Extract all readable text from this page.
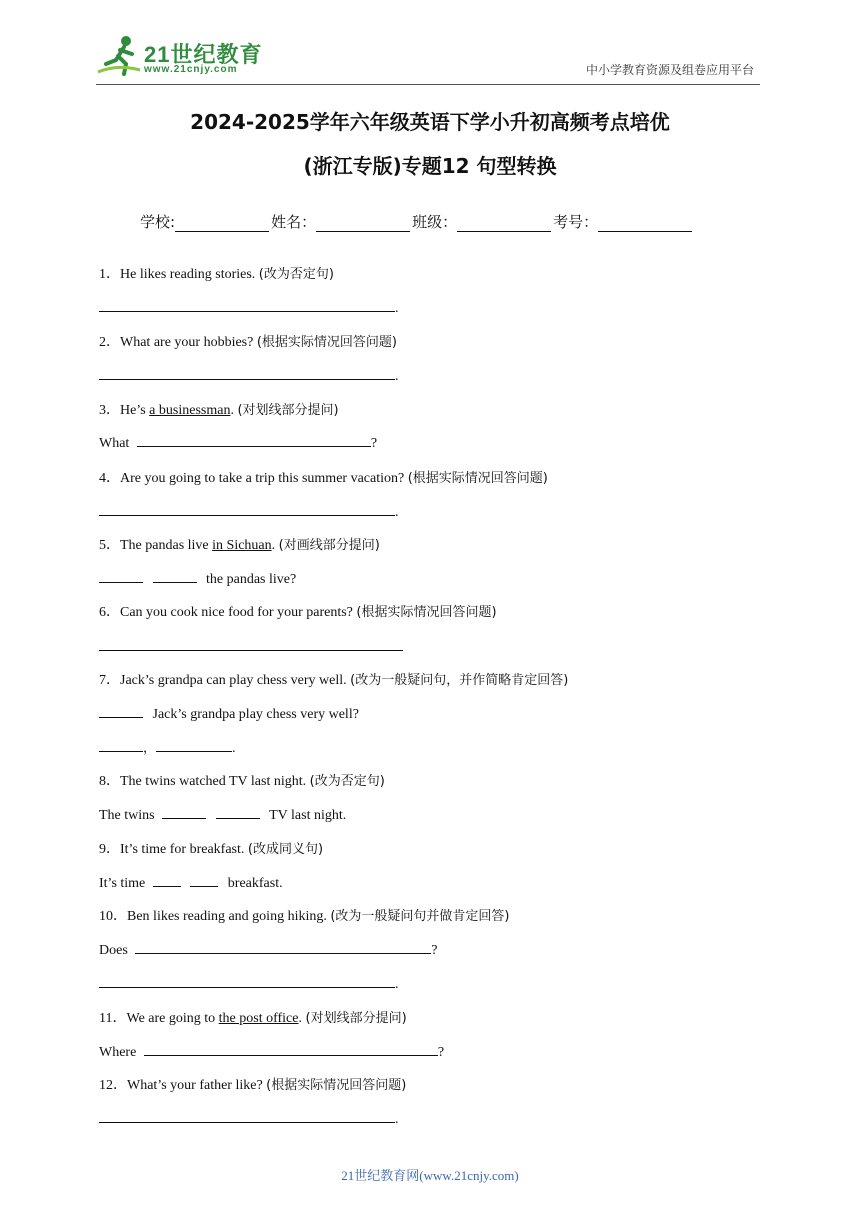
21世纪教育
www.21cnjy.com	中小学教育资源及组卷应用平台
2024-2025学年六年级英语下学小升初高频考点培优
(浙江专版)专题12 句型转换
学校:	姓名：	班级：	考号：
1．He likes reading stories. (改为否定句)
.
2．What are your hobbies? (根据实际情况回答问题)
.
3．He’s a businessman. (对划线部分提问)
What	?
4．Are you going to take a trip this summer vacation? (根据实际情况回答问题)
.
5．The pandas live in Sichuan. (对画线部分提问)
the pandas live?
6．Can you cook nice food for your parents? (根据实际情况回答问题)
7．Jack’s grandpa can play chess very well. (改为一般疑问句，并作简略肯定回答)
Jack’s grandpa play chess very well?
，	.
8．The twins watched TV last night. (改为否定句)
The twins	TV last night.
9．It’s time for breakfast. (改成同义句)
It’s time	breakfast.
10．Ben likes reading and going hiking. (改为一般疑问句并做肯定回答)
Does	?
.
11．We are going to the post office. (对划线部分提问)
Where	?
12．What’s your father like? (根据实际情况回答问题)
.
21世纪教育网(www.21cnjy.com)
